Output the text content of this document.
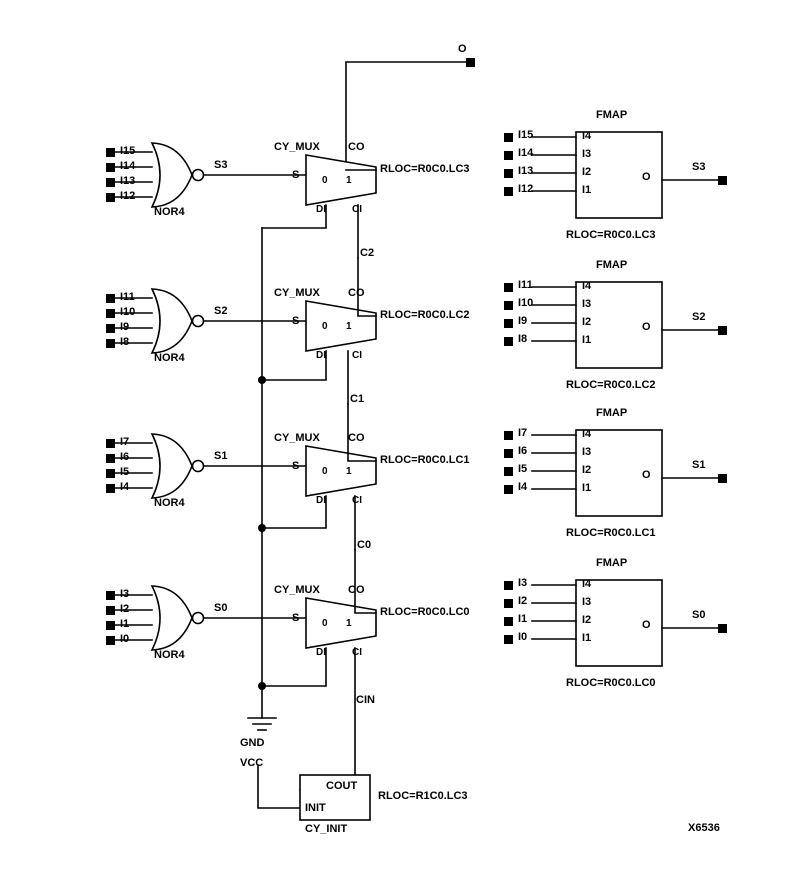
O
I15
I14
I13
I12
NOR4
S3
CY_MUX	CO
S 0 1
DI	CI
RLOC=R0C0.LC3
C2
I11
I10
I9
I8
NOR4
S2
CY_MUX	CO
S 0 1
DI	CI
RLOC=R0C0.LC2
C1
I7
I6
I5
I4
NOR4
S1
CY_MUX	CO
S 0 1
DI	CI
RLOC=R0C0.LC1
C0
I3
I2
I1
I0
NOR4
S0
CY_MUX	CO
S 0 1
DI	CI
RLOC=R0C0.LC0
CIN
GND
VCC
COUT
INIT
CY_INIT
RLOC=R1C0.LC3
FMAP
I15
I14
I13
I12
I4
I3
I2
I1
O
S3
RLOC=R0C0.LC3
FMAP
I11
I10
I9
I8
I4
I3
I2
I1
O
S2
RLOC=R0C0.LC2
FMAP
I7
I6
I5
I4
I4
I3
I2
I1
O
S1
RLOC=R0C0.LC1
FMAP
I3
I2
I1
I0
I4
I3
I2
I1
O
S0
RLOC=R0C0.LC0
X6536
